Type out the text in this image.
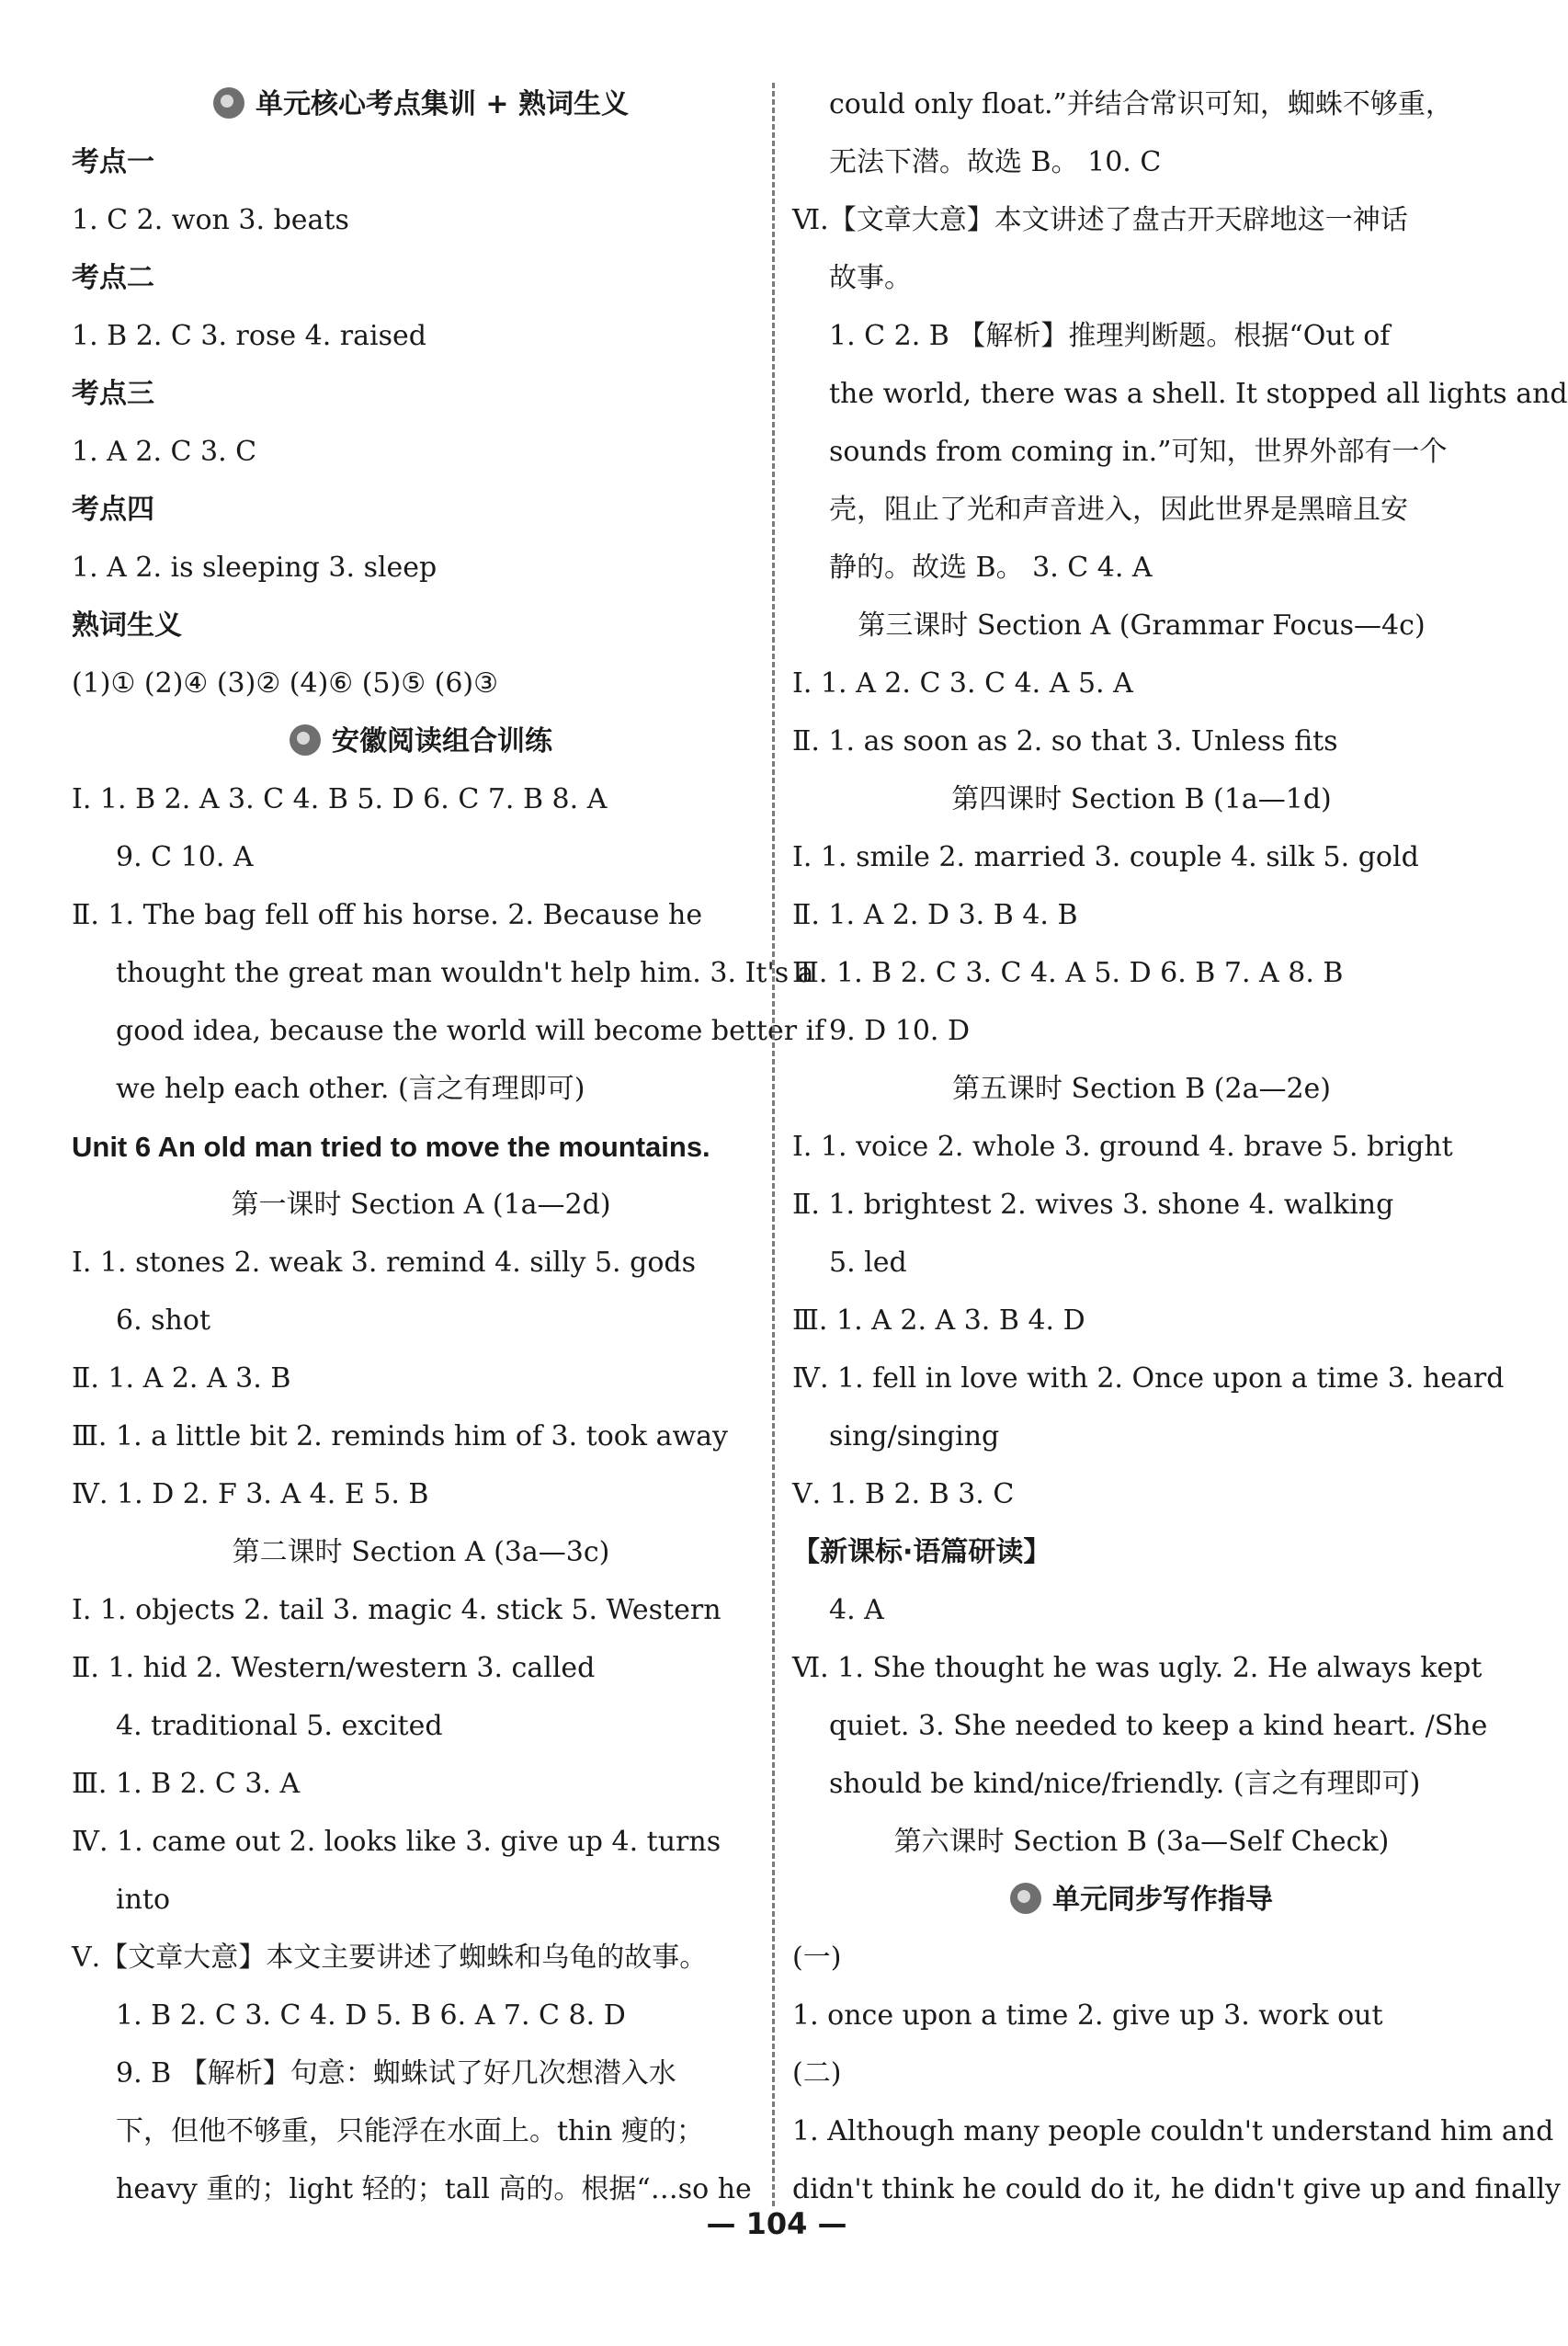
单元核心考点集训 + 熟词生义
考点一
1. C 2. won 3. beats
考点二
1. B 2. C 3. rose 4. raised
考点三
1. A 2. C 3. C
考点四
1. A 2. is sleeping 3. sleep
熟词生义
(1)① (2)④ (3)② (4)⑥ (5)⑤ (6)③
安徽阅读组合训练
Ⅰ. 1. B 2. A 3. C 4. B 5. D 6. C 7. B 8. A
9. C 10. A
Ⅱ. 1. The bag fell off his horse. 2. Because he
thought the great man wouldn't help him. 3. It's a
good idea, because the world will become better if
we help each other. (言之有理即可)
Unit 6 An old man tried to move the mountains.
第一课时 Section A (1a—2d)
Ⅰ. 1. stones 2. weak 3. remind 4. silly 5. gods
6. shot
Ⅱ. 1. A 2. A 3. B
Ⅲ. 1. a little bit 2. reminds him of 3. took away
Ⅳ. 1. D 2. F 3. A 4. E 5. B
第二课时 Section A (3a—3c)
Ⅰ. 1. objects 2. tail 3. magic 4. stick 5. Western
Ⅱ. 1. hid 2. Western/western 3. called
4. traditional 5. excited
Ⅲ. 1. B 2. C 3. A
Ⅳ. 1. came out 2. looks like 3. give up 4. turns
into
Ⅴ.【文章大意】本文主要讲述了蜘蛛和乌龟的故事。
1. B 2. C 3. C 4. D 5. B 6. A 7. C 8. D
9. B 【解析】句意：蜘蛛试了好几次想潜入水
下，但他不够重，只能浮在水面上。thin 瘦的；
heavy 重的；light 轻的；tall 高的。根据“…so he
could only float.”并结合常识可知，蜘蛛不够重，
无法下潜。故选 B。 10. C
Ⅵ.【文章大意】本文讲述了盘古开天辟地这一神话
故事。
1. C 2. B 【解析】推理判断题。根据“Out of
the world, there was a shell. It stopped all lights and
sounds from coming in.”可知，世界外部有一个
壳，阻止了光和声音进入，因此世界是黑暗且安
静的。故选 B。 3. C 4. A
第三课时 Section A (Grammar Focus—4c)
Ⅰ. 1. A 2. C 3. C 4. A 5. A
Ⅱ. 1. as soon as 2. so that 3. Unless fits
第四课时 Section B (1a—1d)
Ⅰ. 1. smile 2. married 3. couple 4. silk 5. gold
Ⅱ. 1. A 2. D 3. B 4. B
Ⅲ. 1. B 2. C 3. C 4. A 5. D 6. B 7. A 8. B
9. D 10. D
第五课时 Section B (2a—2e)
Ⅰ. 1. voice 2. whole 3. ground 4. brave 5. bright
Ⅱ. 1. brightest 2. wives 3. shone 4. walking
5. led
Ⅲ. 1. A 2. A 3. B 4. D
Ⅳ. 1. fell in love with 2. Once upon a time 3. heard
sing/singing
Ⅴ. 1. B 2. B 3. C
【新课标·语篇研读】
4. A
Ⅵ. 1. She thought he was ugly. 2. He always kept
quiet. 3. She needed to keep a kind heart. /She
should be kind/nice/friendly. (言之有理即可)
第六课时 Section B (3a—Self Check)
单元同步写作指导
(一)
1. once upon a time 2. give up 3. work out
(二)
1. Although many people couldn't understand him and
didn't think he could do it, he didn't give up and finally
— 104 —
